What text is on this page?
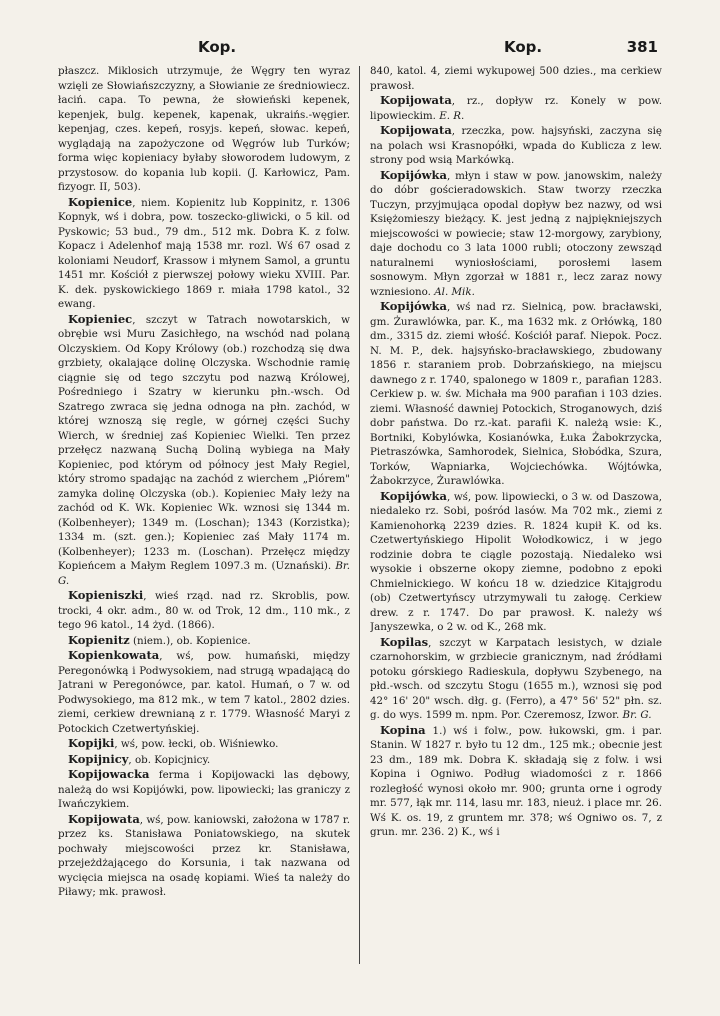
Kop.	Kop.	381

płaszcz. Miklosich utrzymuje, że Węgry ten wyraz wzięli ze Słowiańszczyzny, a Słowianie ze średniowiecz. łaciń. capa. To pewna, że słowieński kepenek, kepenjek, bulg. kepenek, kapenak, ukraińs.-węgier. kepenjag, czes. kepeń, rosyjs. kepeń, słowac. kepeń, wyglądają na zapożyczone od Węgrów lub Turków; forma więc kopieniacy byłaby słoworodem ludowym, z przystosow. do kopania lub kopii. (J. Karłowicz, Pam. fizyogr. II, 503).

Kopienice, niem. Kopienitz lub Koppinitz, r. 1306 Kopnyk, wś i dobra, pow. toszecko-gliwicki, o 5 kil. od Pyskowic; 53 bud., 79 dm., 512 mk. Dobra K. z folw. Kopacz i Adelenhof mają 1538 mr. rozl. Wś 67 osad z koloniami Neudorf, Krassow i młynem Samol, a gruntu 1451 mr. Kościół z pierwszej połowy wieku XVIII. Par. K. dek. pyskowickiego 1869 r. miała 1798 katol., 32 ewang.

Kopieniec, szczyt w Tatrach nowotarskich, w obrębie wsi Muru Zasichłego, na wschód nad polaną Olczyskiem. Od Kopy Królowy (ob.) rozchodzą się dwa grzbiety, okalające dolinę Olczyska. Wschodnie ramię ciągnie się od tego szczytu pod nazwą Królowej, Pośredniego i Szatry w kierunku płn.-wsch. Od Szatrego zwraca się jedna odnoga na płn. zachód, w której wznoszą się regle, w górnej części Suchy Wierch, w średniej zaś Kopieniec Wielki. Ten przez przełęcz nazwaną Suchą Doliną wybiega na Mały Kopieniec, pod którym od północy jest Mały Regiel, który stromo spadając na zachód z wierchem „Piórem" zamyka dolinę Olczyska (ob.). Kopieniec Mały leży na zachód od K. Wk. Kopieniec Wk. wznosi się 1344 m. (Kolbenheyer); 1349 m. (Loschan); 1343 (Korzistka); 1334 m. (szt. gen.); Kopieniec zaś Mały 1174 m. (Kolbenheyer); 1233 m. (Loschan). Przełęcz między Kopieńcem a Małym Reglem 1097.3 m. (Uznański). Br. G.

Kopieniszki, wieś rząd. nad rz. Skroblis, pow. trocki, 4 okr. adm., 80 w. od Trok, 12 dm., 110 mk., z tego 96 katol., 14 żyd. (1866).

Kopienitz (niem.), ob. Kopienice.

Kopienkowata, wś, pow. humański, między Peregonówką i Podwysokiem, nad strugą wpadającą do Jatrani w Peregonówce, par. katol. Humań, o 7 w. od Podwysokiego, ma 812 mk., w tem 7 katol., 2802 dzies. ziemi, cerkiew drewnianą z r. 1779. Własność Maryi z Potockich Czetwertyńskiej.

Kopijki, wś, pow. łecki, ob. Wiśniewko.

Kopijnicy, ob. Kopicjnicy.

Kopijowacka ferma i Kopijowacki las dębowy, należą do wsi Kopijówki, pow. lipowiecki; las graniczy z Iwańczykiem.

Kopijowata, wś, pow. kaniowski, założona w 1787 r. przez ks. Stanisława Poniatowskiego, na skutek pochwały miejscowości przez kr. Stanisława, przejeżdżającego do Korsunia, i tak nazwana od wycięcia miejsca na osadę kopiami. Wieś ta należy do Piławy; mk. prawosł.

840, katol. 4, ziemi wykupowej 500 dzies., ma cerkiew prawosł.

Kopijowata, rz., dopływ rz. Konely w pow. lipowieckim. E. R.

Kopijowata, rzeczka, pow. hajsyński, zaczyna się na polach wsi Krasnopółki, wpada do Kublicza z lew. strony pod wsią Markówką.

Kopijówka, młyn i staw w pow. janowskim, należy do dóbr gościeradowskich. Staw tworzy rzeczka Tuczyn, przyjmująca opodal dopływ bez nazwy, od wsi Księżomieszy bieżący. K. jest jedną z najpiękniejszych miejscowości w powiecie; staw 12-morgowy, zarybiony, daje dochodu co 3 lata 1000 rubli; otoczony zewsząd naturalnemi wyniosłościami, porosłemi lasem sosnowym. Młyn zgorzał w 1881 r., lecz zaraz nowy wzniesiono. Al. Mik.

Kopijówka, wś nad rz. Sielnicą, pow. bracławski, gm. Żurawlówka, par. K., ma 1632 mk. z Orłówką, 180 dm., 3315 dz. ziemi włość. Kościół paraf. Niepok. Pocz. N. M. P., dek. hajsyńsko-bracławskiego, zbudowany 1856 r. staraniem prob. Dobrzańskiego, na miejscu dawnego z r. 1740, spalonego w 1809 r., parafian 1283. Cerkiew p. w. św. Michała ma 900 parafian i 103 dzies. ziemi. Własność dawniej Potockich, Stroganowych, dziś dobr państwa. Do rz.-kat. parafii K. należą wsie: K., Bortniki, Kobylówka, Kosianówka, Łuka Żabokrzycka, Pietraszówka, Samhorodek, Sielnica, Słobódka, Szura, Torków, Wapniarka, Wojciechówka. Wójtówka, Żabokrzyce, Żurawlówka.

Kopijówka, wś, pow. lipowiecki, o 3 w. od Daszowa, niedaleko rz. Sobi, pośród lasów. Ma 702 mk., ziemi z Kamienohorką 2239 dzies. R. 1824 kupił K. od ks. Czetwertyńskiego Hipolit Wołodkowicz, i w jego rodzinie dobra te ciągle pozostają. Niedaleko wsi wysokie i obszerne okopy ziemne, podobno z epoki Chmielnickiego. W końcu 18 w. dziedzice Kitajgrodu (ob) Czetwertyńscy utrzymywali tu załogę. Cerkiew drew. z r. 1747. Do par prawosł. K. należy wś Janyszewka, o 2 w. od K., 268 mk.

Kopilas, szczyt w Karpatach lesistych, w dziale czarnohorskim, w grzbiecie granicznym, nad źródłami potoku górskiego Radieskula, dopływu Szybenego, na płd.-wsch. od szczytu Stogu (1655 m.), wznosi się pod 42° 16' 20" wsch. dłg. g. (Ferro), a 47° 56' 52" płn. sz. g. do wys. 1599 m. npm. Por. Czeremosz, Izwor. Br. G.

Kopina 1.) wś i folw., pow. łukowski, gm. i par. Stanin. W 1827 r. było tu 12 dm., 125 mk.; obecnie jest 23 dm., 189 mk. Dobra K. składają się z folw. i wsi Kopina i Ogniwo. Podług wiadomości z r. 1866 rozległość wynosi około mr. 900; grunta orne i ogrody mr. 577, łąk mr. 114, lasu mr. 183, nieuż. i place mr. 26. Wś K. os. 19, z gruntem mr. 378; wś Ogniwo os. 7, z grun. mr. 236. 2) K., wś i
